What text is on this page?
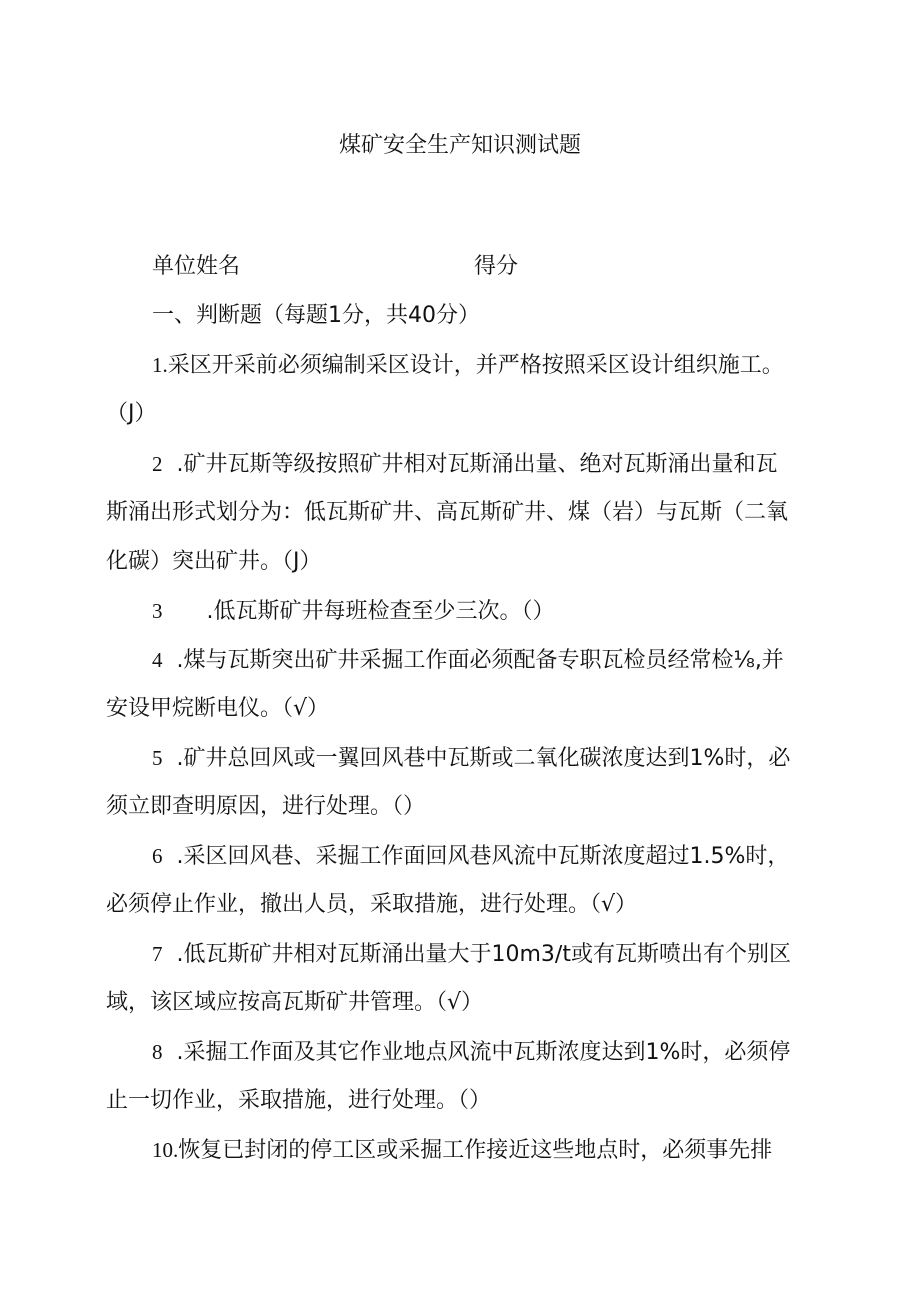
煤矿安全生产知识测试题
单位姓名	得分
一、判断题（每题1分，共40分）
1.采区开采前必须编制采区设计，并严格按照采区设计组织施工。
（J）
2 .矿井瓦斯等级按照矿井相对瓦斯涌出量、绝对瓦斯涌出量和瓦
斯涌出形式划分为：低瓦斯矿井、高瓦斯矿井、煤（岩）与瓦斯（二氧
化碳）突出矿井。（J）
3 .低瓦斯矿井每班检查至少三次。（）
4 .煤与瓦斯突出矿井采掘工作面必须配备专职瓦检员经常检⅛,并
安设甲烷断电仪。（√）
5 .矿井总回风或一翼回风巷中瓦斯或二氧化碳浓度达到1%时，必
须立即查明原因，进行处理。（）
6 .采区回风巷、采掘工作面回风巷风流中瓦斯浓度超过1.5%时，
必须停止作业，撤出人员，采取措施，进行处理。（√）
7 .低瓦斯矿井相对瓦斯涌出量大于10m3∕t或有瓦斯喷出有个别区
域，该区域应按高瓦斯矿井管理。（√）
8 .采掘工作面及其它作业地点风流中瓦斯浓度达到1%时，必须停
止一切作业，采取措施，进行处理。（）
10.恢复已封闭的停工区或采掘工作接近这些地点时，必须事先排
